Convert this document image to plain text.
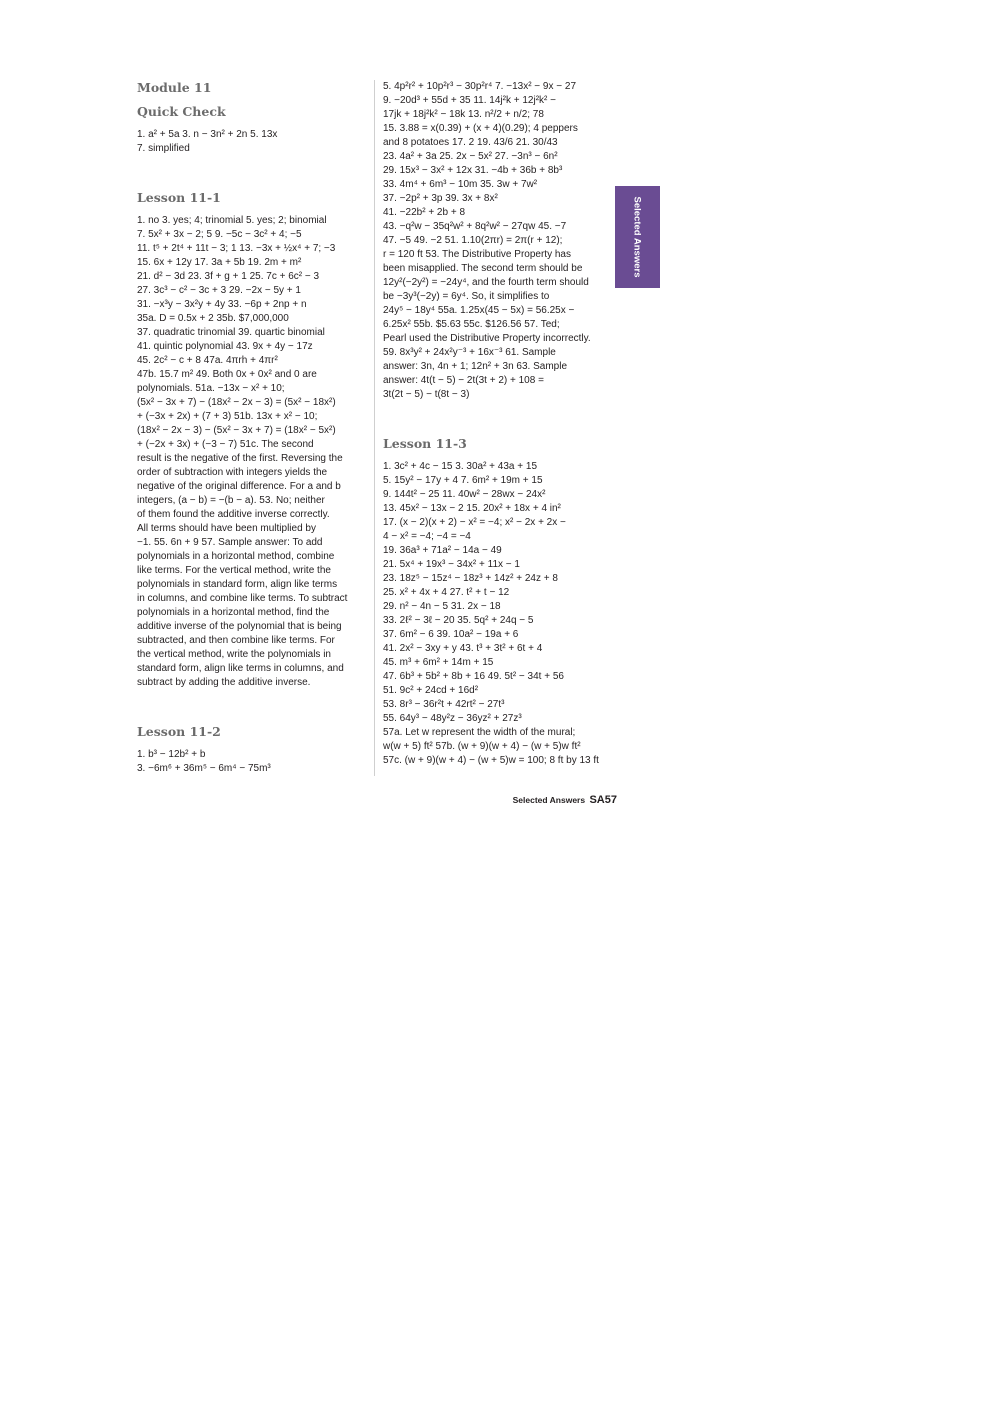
Module 11
Quick Check

1. a² + 5a 3. n − 3n² + 2n 5. 13x

7. simplified

Lesson 11-1

1. no 3. yes; 4; trinomial 5. yes; 2; binomial

7. 5x² + 3x − 2; 5 9. −5c − 3c² + 4; −5

11. t⁵ + 2t⁴ + 11t − 3; 1 13. −3x + ½x⁴ + 7; −3

15. 6x + 12y 17. 3a + 5b 19. 2m + m²

21. d² − 3d 23. 3f + g + 1 25. 7c + 6c² − 3

27. 3c³ − c² − 3c + 3 29. −2x − 5y + 1

31. −x³y − 3x²y + 4y 33. −6p + 2np + n

35a. D = 0.5x + 2 35b. $7,000,000

37. quadratic trinomial 39. quartic binomial

41. quintic polynomial 43. 9x + 4y − 17z

45. 2c² − c + 8 47a. 4πrh + 4πr²

47b. 15.7 m² 49. Both 0x + 0x² and 0 are

polynomials. 51a. −13x − x² + 10;

(5x² − 3x + 7) − (18x² − 2x − 3) = (5x² − 18x²)

+ (−3x + 2x) + (7 + 3) 51b. 13x + x² − 10;

(18x² − 2x − 3) − (5x² − 3x + 7) = (18x² − 5x²)

+ (−2x + 3x) + (−3 − 7) 51c. The second

result is the negative of the first. Reversing the

order of subtraction with integers yields the

negative of the original difference. For a and b

integers, (a − b) = −(b − a). 53. No; neither

of them found the additive inverse correctly.

All terms should have been multiplied by

−1. 55. 6n + 9 57. Sample answer: To add

polynomials in a horizontal method, combine

like terms. For the vertical method, write the

polynomials in standard form, align like terms

in columns, and combine like terms. To subtract

polynomials in a horizontal method, find the

additive inverse of the polynomial that is being

subtracted, and then combine like terms. For

the vertical method, write the polynomials in

standard form, align like terms in columns, and

subtract by adding the additive inverse.

Lesson 11-2

1. b³ − 12b² + b

3. −6m⁶ + 36m⁵ − 6m⁴ − 75m³

5. 4p²r² + 10p²r³ − 30p²r⁴ 7. −13x² − 9x − 27

9. −20d³ + 55d + 35 11. 14j²k + 12j²k² −

17jk + 18j²k² − 18k 13. n²/2 + n/2; 78

15. 3.88 = x(0.39) + (x + 4)(0.29); 4 peppers

and 8 potatoes 17. 2 19. 43/6 21. 30/43

23. 4a² + 3a 25. 2x − 5x² 27. −3n³ − 6n²

29. 15x³ − 3x² + 12x 31. −4b + 36b + 8b³

33. 4m⁴ + 6m³ − 10m 35. 3w + 7w²

37. −2p² + 3p 39. 3x + 8x²

41. −22b² + 2b + 8

43. −q²w − 35q²w² + 8q²w² − 27qw 45. −7

47. −5 49. −2 51. 1.10(2πr) = 2π(r + 12);

r = 120 ft 53. The Distributive Property has

been misapplied. The second term should be

12y²(−2y²) = −24y⁴, and the fourth term should

be −3y³(−2y) = 6y⁴. So, it simplifies to

24y⁵ − 18y⁴ 55a. 1.25x(45 − 5x) = 56.25x −

6.25x² 55b. $5.63 55c. $126.56 57. Ted;

Pearl used the Distributive Property incorrectly.

59. 8x³y² + 24x²y⁻³ + 16x⁻³ 61. Sample

answer: 3n, 4n + 1; 12n² + 3n 63. Sample

answer: 4t(t − 5) − 2t(3t + 2) + 108 =

3t(2t − 5) − t(8t − 3)

Lesson 11-3

1. 3c² + 4c − 15 3. 30a² + 43a + 15

5. 15y² − 17y + 4 7. 6m² + 19m + 15

9. 144t² − 25 11. 40w² − 28wx − 24x²

13. 45x² − 13x − 2 15. 20x² + 18x + 4 in²

17. (x − 2)(x + 2) − x² = −4; x² − 2x + 2x −

4 − x² = −4; −4 = −4

19. 36a³ + 71a² − 14a − 49

21. 5x⁴ + 19x³ − 34x² + 11x − 1

23. 18z⁵ − 15z⁴ − 18z³ + 14z² + 24z + 8

25. x² + 4x + 4 27. t² + t − 12

29. n² − 4n − 5 31. 2x − 18

33. 2ℓ² − 3ℓ − 20 35. 5q² + 24q − 5

37. 6m² − 6 39. 10a² − 19a + 6

41. 2x² − 3xy + y 43. t³ + 3t² + 6t + 4

45. m³ + 6m² + 14m + 15

47. 6b³ + 5b² + 8b + 16 49. 5t² − 34t + 56

51. 9c² + 24cd + 16d²

53. 8r³ − 36r²t + 42rt² − 27t³

55. 64y³ − 48y²z − 36yz² + 27z³

57a. Let w represent the width of the mural;

w(w + 5) ft² 57b. (w + 9)(w + 4) − (w + 5)w ft²

57c. (w + 9)(w + 4) − (w + 5)w = 100; 8 ft by 13 ft

Selected Answers
Selected Answers SA57
